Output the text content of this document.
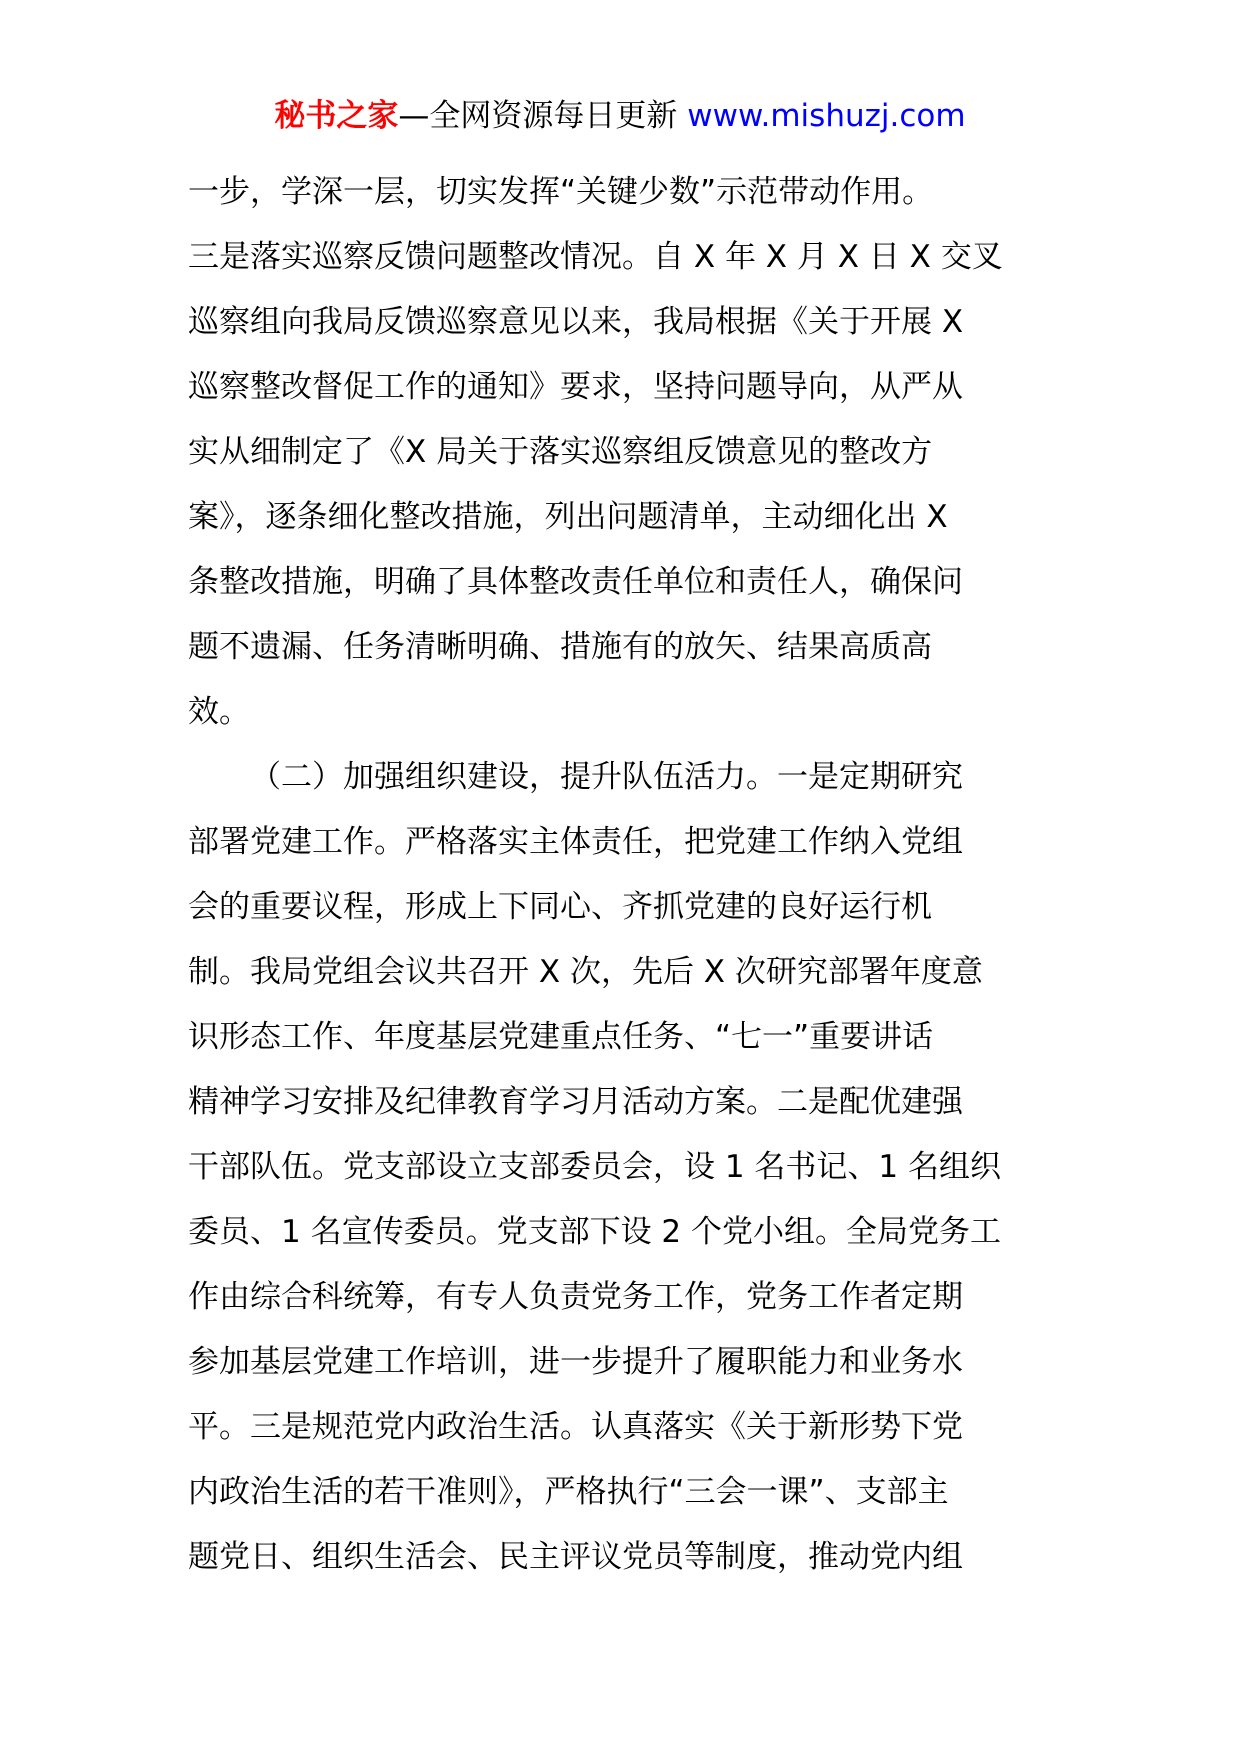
秘书之家—全网资源每日更新 www.mishuzj.com
一步，学深一层，切实发挥“关键少数”示范带动作用。
三是落实巡察反馈问题整改情况。自 X 年 X 月 X 日 X 交叉
巡察组向我局反馈巡察意见以来，我局根据《关于开展 X
巡察整改督促工作的通知》要求，坚持问题导向，从严从
实从细制定了《X 局关于落实巡察组反馈意见的整改方
案》，逐条细化整改措施，列出问题清单，主动细化出 X
条整改措施，明确了具体整改责任单位和责任人，确保问
题不遗漏、任务清晰明确、措施有的放矢、结果高质高
效。
（二）加强组织建设，提升队伍活力。一是定期研究
部署党建工作。严格落实主体责任，把党建工作纳入党组
会的重要议程，形成上下同心、齐抓党建的良好运行机
制。我局党组会议共召开 X 次，先后 X 次研究部署年度意
识形态工作、年度基层党建重点任务、“七一”重要讲话
精神学习安排及纪律教育学习月活动方案。二是配优建强
干部队伍。党支部设立支部委员会，设 1 名书记、1 名组织
委员、1 名宣传委员。党支部下设 2 个党小组。全局党务工
作由综合科统筹，有专人负责党务工作，党务工作者定期
参加基层党建工作培训，进一步提升了履职能力和业务水
平。三是规范党内政治生活。认真落实《关于新形势下党
内政治生活的若干准则》，严格执行“三会一课”、支部主
题党日、组织生活会、民主评议党员等制度，推动党内组
